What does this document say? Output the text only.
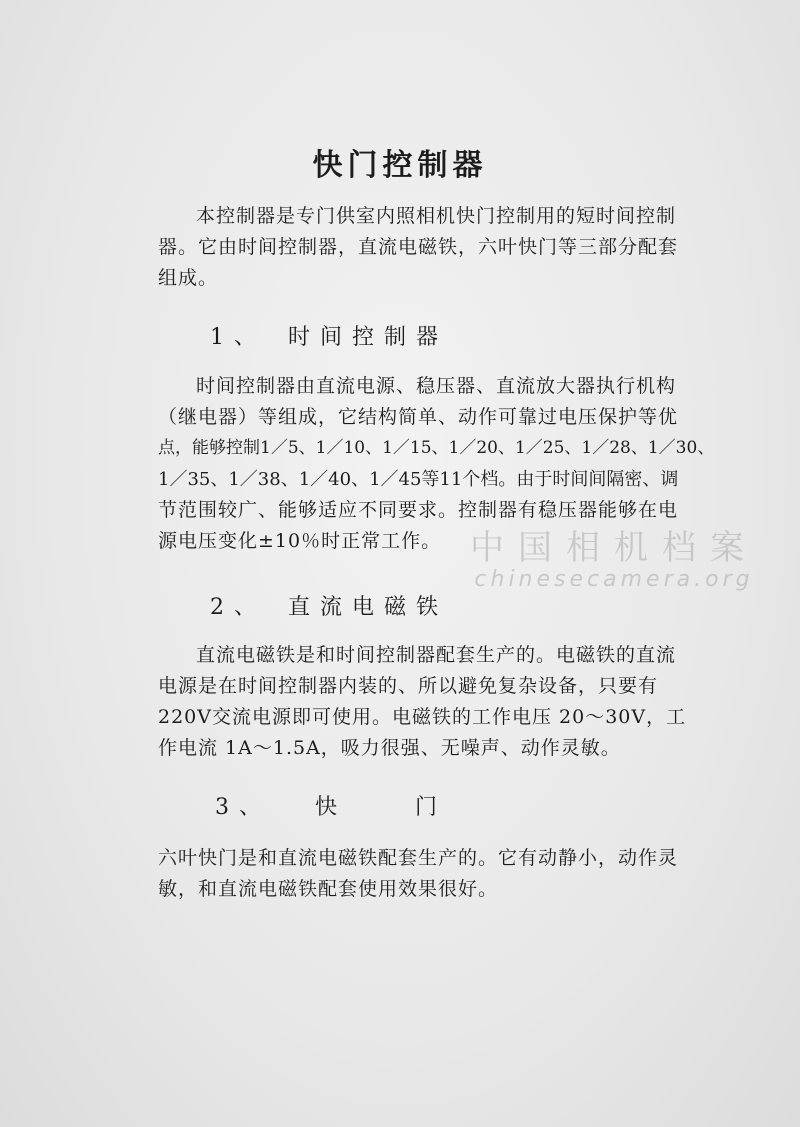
快门控制器
本控制器是专门供室内照相机快门控制用的短时间控制
器。它由时间控制器，直流电磁铁，六叶快门等三部分配套
组成。
1、 时间控制器
时间控制器由直流电源、稳压器、直流放大器执行机构
（继电器）等组成，它结构简单、动作可靠过电压保护等优
点，能够控制1／5、1／10、1／15、1／20、1／25、1／28、1／30、
1／35、1／38、1／40、1／45等11个档。由于时间间隔密、调
节范围较广、能够适应不同要求。控制器有稳压器能够在电
源电压变化±10％时正常工作。
2、 直流电磁铁
直流电磁铁是和时间控制器配套生产的。电磁铁的直流
电源是在时间控制器内装的、所以避免复杂设备，只要有
220V交流电源即可使用。电磁铁的工作电压 20～30V，工
作电流 1A～1.5A，吸力很强、无噪声、动作灵敏。
3、 快    门
六叶快门是和直流电磁铁配套生产的。它有动静小，动作灵
敏，和直流电磁铁配套使用效果很好。
中国相机档案
chinesecamera.org
